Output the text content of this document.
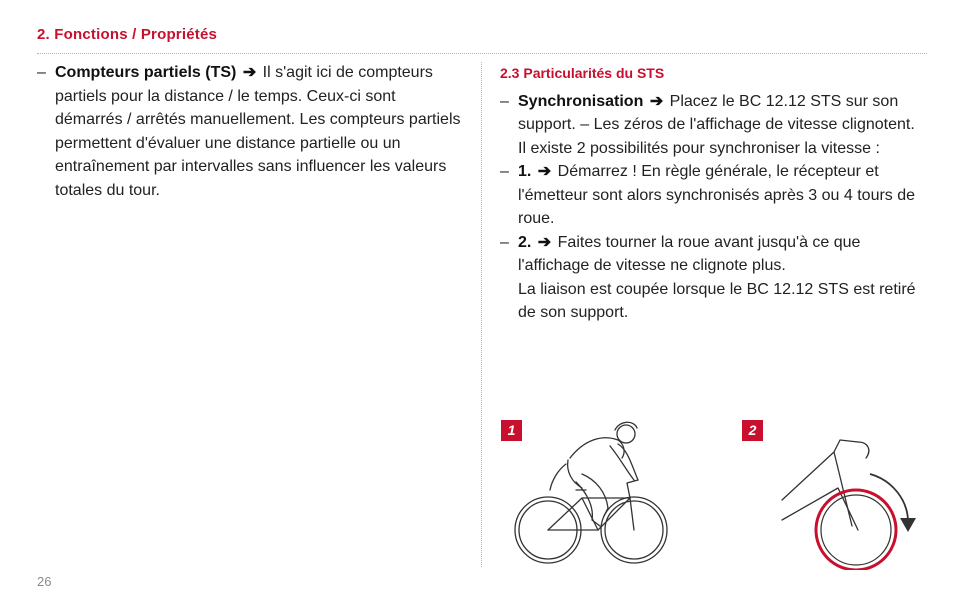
2. Fonctions / Propriétés
– Compteurs partiels (TS) ➔ Il s'agit ici de compteurs partiels pour la distance / le temps. Ceux-ci sont démarrés / arrêtés manuellement. Les compteurs partiels permettent d'évaluer une distance partielle ou un entraînement par intervalles sans influencer les valeurs totales du tour.
2.3 Particularités du STS
– Synchronisation ➔ Placez le BC 12.12 STS sur son support. – Les zéros de l'affichage de vitesse clignotent.
Il existe 2 possibilités pour synchroniser la vitesse :
– 1. ➔ Démarrez ! En règle générale, le récepteur et l'émetteur sont alors synchronisés après 3 ou 4 tours de roue.
– 2. ➔ Faites tourner la roue avant jusqu'à ce que l'affichage de vitesse ne clignote plus.
La liaison est coupée lorsque le BC 12.12 STS est retiré de son support.
1	2
26
